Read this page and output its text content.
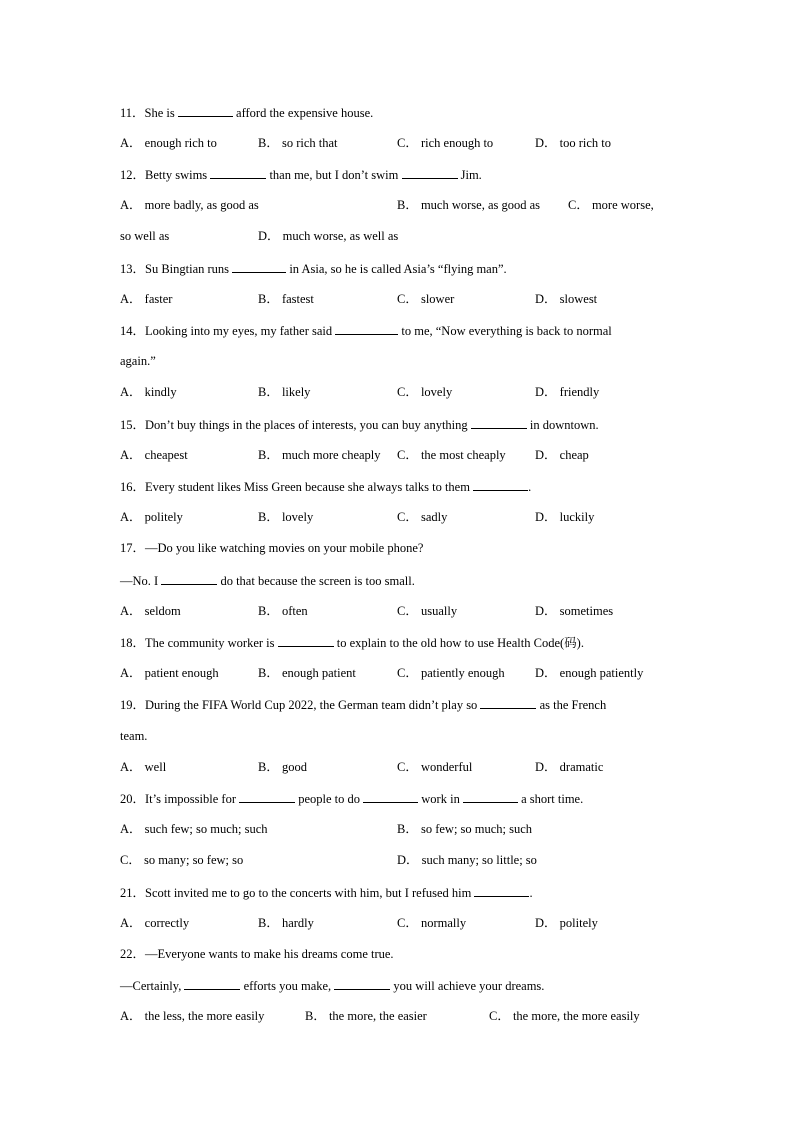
11．She is	afford the expensive house.
A． enough rich to	B． so rich that	C． rich enough to	D． too rich to
12．Betty swims	than me, but I don’t swim	Jim.
A． more badly, as good as	B． much worse, as good as C． more worse,
so well as	D． much worse, as well as
13．Su Bingtian runs	in Asia, so he is called Asia’s “flying man”.
A． faster	B． fastest	C． slower	D． slowest
14．Looking into my eyes, my father said	to me, “Now everything is back to normal
again.”
A． kindly	B． likely	C． lovely	D． friendly
15．Don’t buy things in the places of interests, you can buy anything	in downtown.
A． cheapest	B． much more cheaply C． the most cheaply D． cheap
16．Every student likes Miss Green because she always talks to them	.
A． politely	B． lovely	C． sadly	D． luckily
17．—Do you like watching movies on your mobile phone?
—No. I	do that because the screen is too small.
A． seldom	B． often	C． usually	D． sometimes
18．The community worker is	to explain to the old how to use Health Code(码).
A． patient enough	B． enough patient	C． patiently enough D． enough patiently
19．During the FIFA World Cup 2022, the German team didn’t play so	as the French
team.
A． well	B． good	C． wonderful	D． dramatic
20．It’s impossible for	people to do	work in	a short time.
A． such few; so much; such	B． so few; so much; such
C． so many; so few; so	D． such many; so little; so
21．Scott invited me to go to the concerts with him, but I refused him	.
A． correctly	B． hardly	C． normally	D． politely
22．—Everyone wants to make his dreams come true.
—Certainly,	efforts you make,	you will achieve your dreams.
A． the less, the more easily	B． the more, the easier	C． the more, the more easily
